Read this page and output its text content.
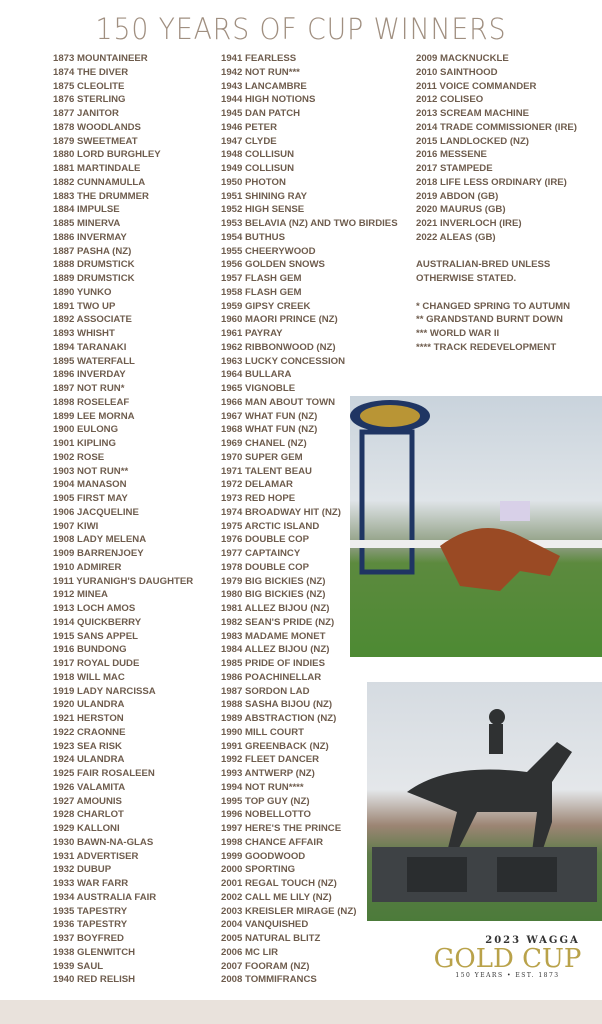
150 YEARS OF CUP WINNERS
1873 MOUNTAINEER
1874 THE DIVER
1875 CLEOLITE
1876 STERLING
1877 JANITOR
1878 WOODLANDS
1879 SWEETMEAT
1880 LORD BURGHLEY
1881 MARTINDALE
1882 CUNNAMULLA
1883 THE DRUMMER
1884 IMPULSE
1885 MINERVA
1886 INVERMAY
1887 PASHA (NZ)
1888 DRUMSTICK
1889 DRUMSTICK
1890 YUNKO
1891 TWO UP
1892 ASSOCIATE
1893 WHISHT
1894 TARANAKI
1895 WATERFALL
1896 INVERDAY
1897 NOT RUN*
1898 ROSELEAF
1899 LEE MORNA
1900 EULONG
1901 KIPLING
1902 ROSE
1903 NOT RUN**
1904 MANASON
1905 FIRST MAY
1906 JACQUELINE
1907 KIWI
1908 LADY MELENA
1909 BARRENJOEY
1910 ADMIRER
1911 YURANIGH'S DAUGHTER
1912 MINEA
1913 LOCH AMOS
1914 QUICKBERRY
1915 SANS APPEL
1916 BUNDONG
1917 ROYAL DUDE
1918 WILL MAC
1919 LADY NARCISSA
1920 ULANDRA
1921 HERSTON
1922 CRAONNE
1923 SEA RISK
1924 ULANDRA
1925 FAIR ROSALEEN
1926 VALAMITA
1927 AMOUNIS
1928 CHARLOT
1929 KALLONI
1930 BAWN-NA-GLAS
1931 ADVERTISER
1932 DUBUP
1933 WAR FARR
1934 AUSTRALIA FAIR
1935 TAPESTRY
1936 TAPESTRY
1937 BOYFRED
1938 GLENWITCH
1939 SAUL
1940 RED RELISH
1941 FEARLESS
1942 NOT RUN***
1943 LANCAMBRE
1944 HIGH NOTIONS
1945 DAN PATCH
1946 PETER
1947 CLYDE
1948 COLLISUN
1949 COLLISUN
1950 PHOTON
1951 SHINING RAY
1952 HIGH SENSE
1953 BELAVIA (NZ) AND TWO BIRDIES
1954 BUTHUS
1955 CHEERYWOOD
1956 GOLDEN SNOWS
1957 FLASH GEM
1958 FLASH GEM
1959 GIPSY CREEK
1960 MAORI PRINCE (NZ)
1961 PAYRAY
1962 RIBBONWOOD (NZ)
1963 LUCKY CONCESSION
1964 BULLARA
1965 VIGNOBLE
1966 MAN ABOUT TOWN
1967 WHAT FUN (NZ)
1968 WHAT FUN (NZ)
1969 CHANEL (NZ)
1970 SUPER GEM
1971 TALENT BEAU
1972 DELAMAR
1973 RED HOPE
1974 BROADWAY HIT (NZ)
1975 ARCTIC ISLAND
1976 DOUBLE COP
1977 CAPTAINCY
1978 DOUBLE COP
1979 BIG BICKIES (NZ)
1980 BIG BICKIES (NZ)
1981 ALLEZ BIJOU (NZ)
1982 SEAN'S PRIDE (NZ)
1983 MADAME MONET
1984 ALLEZ BIJOU (NZ)
1985 PRIDE OF INDIES
1986 POACHINELLAR
1987 SORDON LAD
1988 SASHA BIJOU (NZ)
1989 ABSTRACTION (NZ)
1990 MILL COURT
1991 GREENBACK (NZ)
1992 FLEET DANCER
1993 ANTWERP (NZ)
1994 NOT RUN****
1995 TOP GUY (NZ)
1996 NOBELLOTTO
1997 HERE'S THE PRINCE
1998 CHANCE AFFAIR
1999 GOODWOOD
2000 SPORTING
2001 REGAL TOUCH (NZ)
2002 CALL ME LILY (NZ)
2003 KREISLER MIRAGE (NZ)
2004 VANQUISHED
2005 NATURAL BLITZ
2006 MC LIR
2007 FOORAM (NZ)
2008 TOMMIFRANCS
2009 MACKNUCKLE
2010 SAINTHOOD
2011 VOICE COMMANDER
2012 COLISEO
2013 SCREAM MACHINE
2014 TRADE COMMISSIONER (IRE)
2015 LANDLOCKED (NZ)
2016 MESSENE
2017 STAMPEDE
2018 LIFE LESS ORDINARY (IRE)
2019 ABDON (GB)
2020 MAURUS (GB)
2021 INVERLOCH (IRE)
2022 ALEAS (GB)
AUSTRALIAN-BRED UNLESS
OTHERWISE STATED.
* CHANGED SPRING TO AUTUMN
** GRANDSTAND BURNT DOWN
*** WORLD WAR II
**** TRACK REDEVELOPMENT
2023 WAGGA
GOLD CUP
150 YEARS • EST. 1873
